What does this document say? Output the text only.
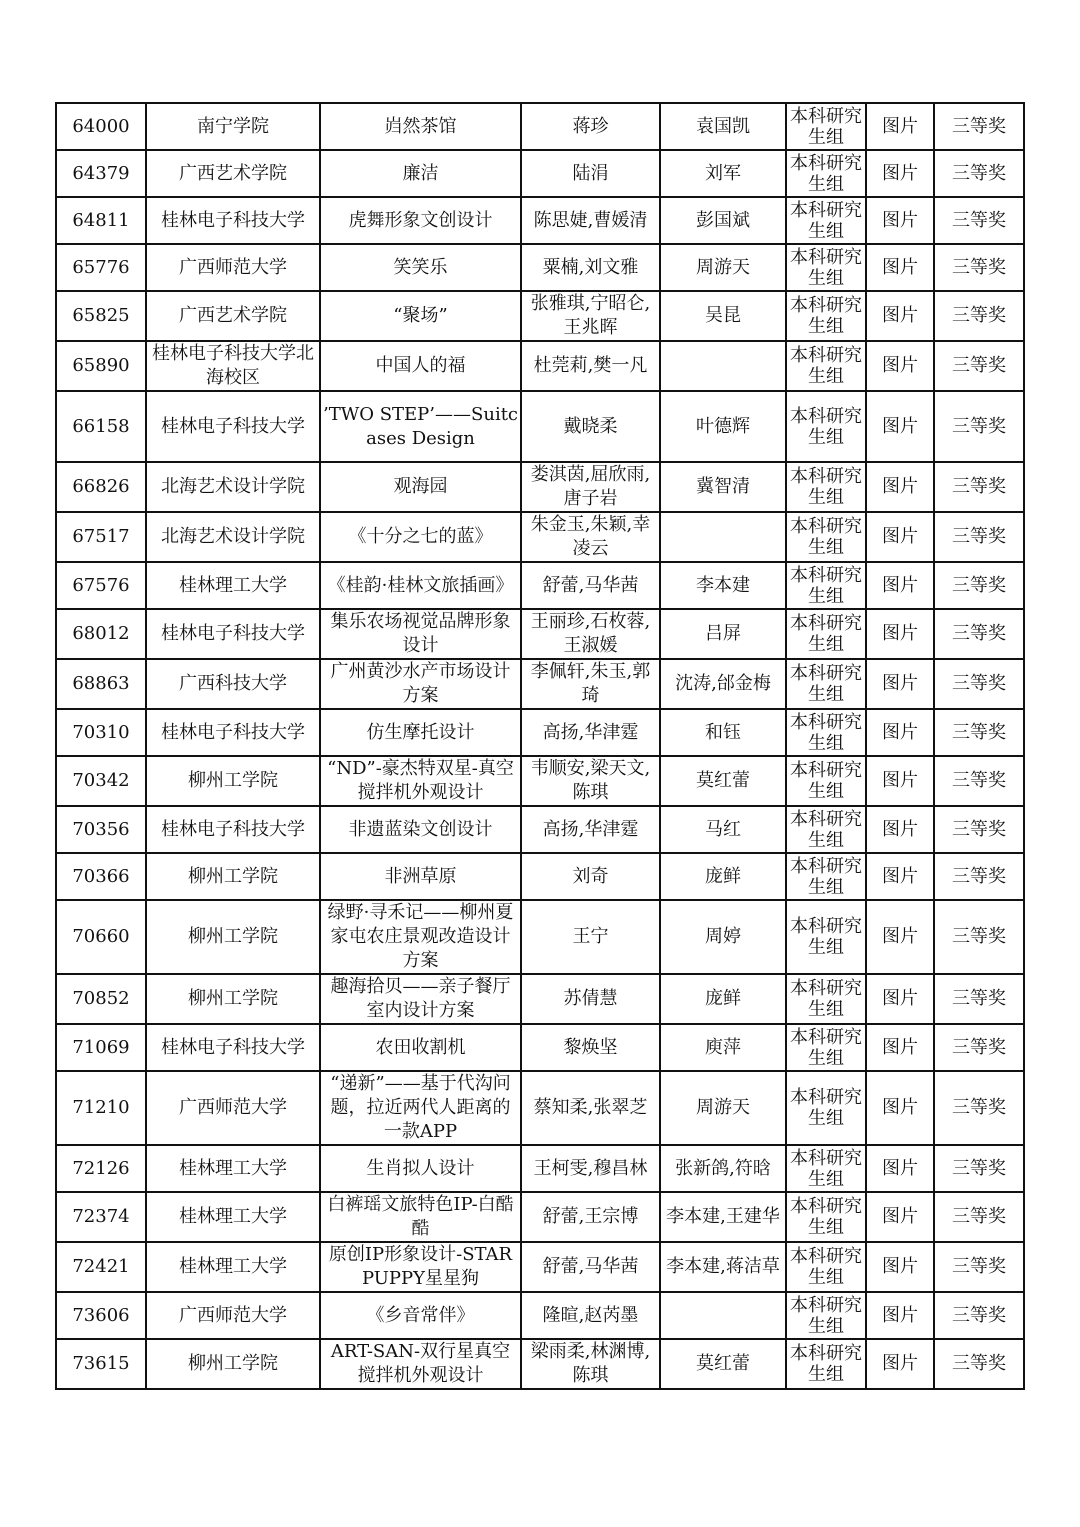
64000	南宁学院	岿然茶馆	蒋珍	袁国凯	本科研究生组	图片	三等奖
64379	广西艺术学院	廉洁	陆涓	刘军	本科研究生组	图片	三等奖
64811	桂林电子科技大学	虎舞形象文创设计	陈思婕,曹媛清	彭国斌	本科研究生组	图片	三等奖
65776	广西师范大学	笑笑乐	粟楠,刘文雅	周游天	本科研究生组	图片	三等奖
65825	广西艺术学院	“聚场”	张雅琪,宁昭仑,王兆晖	吴昆	本科研究生组	图片	三等奖
65890	桂林电子科技大学北海校区	中国人的福	杜莞莉,樊一凡		本科研究生组	图片	三等奖
66158	桂林电子科技大学	’TWO STEP’——Suitcases Design	戴晓柔	叶德辉	本科研究生组	图片	三等奖
66826	北海艺术设计学院	观海园	娄淇茵,屈欣雨,唐子岩	冀智清	本科研究生组	图片	三等奖
67517	北海艺术设计学院	《十分之七的蓝》	朱金玉,朱颖,幸凌云		本科研究生组	图片	三等奖
67576	桂林理工大学	《桂韵·桂林文旅插画》	舒蕾,马华茜	李本建	本科研究生组	图片	三等奖
68012	桂林电子科技大学	集乐农场视觉品牌形象设计	王丽珍,石枚蓉,王淑媛	吕屏	本科研究生组	图片	三等奖
68863	广西科技大学	广州黄沙水产市场设计方案	李佩轩,朱玉,郭琦	沈涛,邰金梅	本科研究生组	图片	三等奖
70310	桂林电子科技大学	仿生摩托设计	高扬,华津霆	和钰	本科研究生组	图片	三等奖
70342	柳州工学院	“ND”-豪杰特双星-真空搅拌机外观设计	韦顺安,梁天文,陈琪	莫红蕾	本科研究生组	图片	三等奖
70356	桂林电子科技大学	非遗蓝染文创设计	高扬,华津霆	马红	本科研究生组	图片	三等奖
70366	柳州工学院	非洲草原	刘奇	庞鲜	本科研究生组	图片	三等奖
70660	柳州工学院	绿野·寻禾记——柳州夏家屯农庄景观改造设计方案	王宁	周婷	本科研究生组	图片	三等奖
70852	柳州工学院	趣海拾贝——亲子餐厅室内设计方案	苏倩慧	庞鲜	本科研究生组	图片	三等奖
71069	桂林电子科技大学	农田收割机	黎焕坚	庾萍	本科研究生组	图片	三等奖
71210	广西师范大学	“递新”——基于代沟问题，拉近两代人距离的一款APP	蔡知柔,张翠芝	周游天	本科研究生组	图片	三等奖
72126	桂林理工大学	生肖拟人设计	王柯雯,穆昌林	张新鸽,符晗	本科研究生组	图片	三等奖
72374	桂林理工大学	白裤瑶文旅特色IP-白酷酷	舒蕾,王宗博	李本建,王建华	本科研究生组	图片	三等奖
72421	桂林理工大学	原创IP形象设计-STARPUPPY星星狗	舒蕾,马华茜	李本建,蒋洁草	本科研究生组	图片	三等奖
73606	广西师范大学	《乡音常伴》	隆暄,赵芮墨		本科研究生组	图片	三等奖
73615	柳州工学院	ART-SAN-双行星真空搅拌机外观设计	梁雨柔,林渊博,陈琪	莫红蕾	本科研究生组	图片	三等奖
